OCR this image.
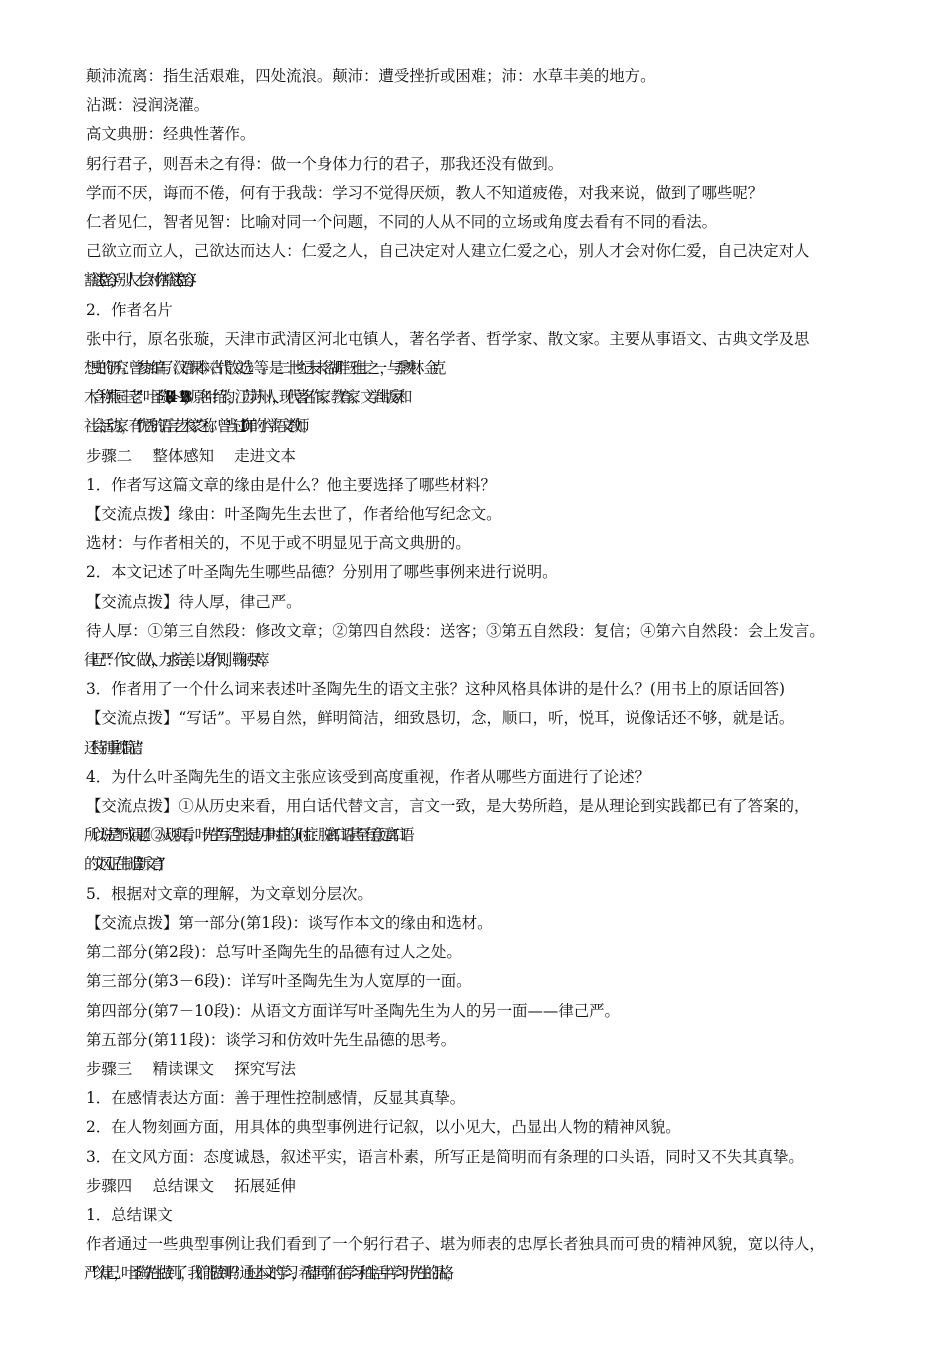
颠沛流离：指生活艰难，四处流浪。颠沛：遭受挫折或困难；沛：水草丰美的地方。

沾溉：浸润浇灌。

高文典册：经典性著作。

躬行君子，则吾未之有得：做一个身体力行的君子，那我还没有做到。

学而不厌，诲而不倦，何有于我哉：学习不觉得厌烦，教人不知道疲倦，对我来说，做到了哪些呢？

仁者见仁，智者见智：比喻对同一个问题，不同的人从不同的立场或角度去看有不同的看法。

己欲立而立人，己欲达而达人：仁爱之人，自己决定对人建立仁爱之心，别人才会对你仁爱，自己决定对人

豁达(宽容)，别人才会对你豁达(宽容)。

2．作者名片

张中行，原名张璇，天津市武清区河北屯镇人，著名学者、哲学家、散文家。主要从事语文、古典文学及思

想史的研究。曾参加编写《汉语课本》《古代散文选》等。是二十世纪末未名湖畔三雅士之一，与季羡林、金克

木合称“燕园三老”。叶圣陶(1894～1988)，原名叶绍钧，江苏苏州人，现代著名作家、教育家、文学出版家和

社会活动家，有“优秀的语言艺术家”之称。曾当过10年的小学语文教师。

步骤二　 整体感知　 走进文本

1．作者写这篇文章的缘由是什么？他主要选择了哪些材料？

【交流点拨】缘由：叶圣陶先生去世了，作者给他写纪念文。

选材：与作者相关的，不见于或不明显见于高文典册的。

2．本文记述了叶圣陶先生哪些品德？分别用了哪些事例来进行说明。

【交流点拨】待人厚，律己严。

待人厚：①第三自然段：修改文章；②第四自然段：送客；③第五自然段：复信；④第六自然段：会上发言。

律己严：作文、做人，力求完美，以身作则，鞠躬尽瘁。

3．作者用了一个什么词来表述叶圣陶先生的语文主张？这种风格具体讲的是什么？(用书上的原话回答)

【交流点拨】“写话”。平易自然，鲜明简洁，细致恳切，念，顺口，听，悦耳，说像话还不够，就是话。

还特别重视“简洁”。

4．为什么叶圣陶先生的语文主张应该受到高度重视，作者从哪些方面进行了论述？

【交流点拨】①从历史来看，用白话代替文言，言文一致，是大势所趋，是从理论到实践都已有了答案的，

所以说是“不成问题”。②从现实看，叶先生“写话”主张是切中时症的。(时症：脱离口语甚至有意远离口语

的文风正在制造“新文言”)

5．根据对文章的理解，为文章划分层次。

【交流点拨】第一部分(第1段)：谈写作本文的缘由和选材。

第二部分(第2段)：总写叶圣陶先生的品德有过人之处。

第三部分(第3－6段)：详写叶圣陶先生为人宽厚的一面。

第四部分(第7－10段)：从语文方面详写叶圣陶先生为人的另一面——律己严。

第五部分(第11段)：谈学习和仿效叶先生品德的思考。

步骤三　 精读课文　 探究写法

1．在感情表达方面：善于理性控制感情，反显其真挚。

2．在人物刻画方面，用具体的典型事例进行记叙，以小见大，凸显出人物的精神风貌。

3．在文风方面：态度诚恳，叙述平实，语言朴素，所写正是简明而有条理的口头语，同时又不失其真挚。

步骤四　 总结课文　 拓展延伸

1．总结课文

作者通过一些典型事例让我们看到了一个躬行君子、堪为师表的忠厚长者独具而可贵的精神风貌，宽以待人，

严以律己，叶圣陶先生做到了，我们能做到吗？通过本文的学习，希望同学们在学习和生活中学习叶先生的品格，
